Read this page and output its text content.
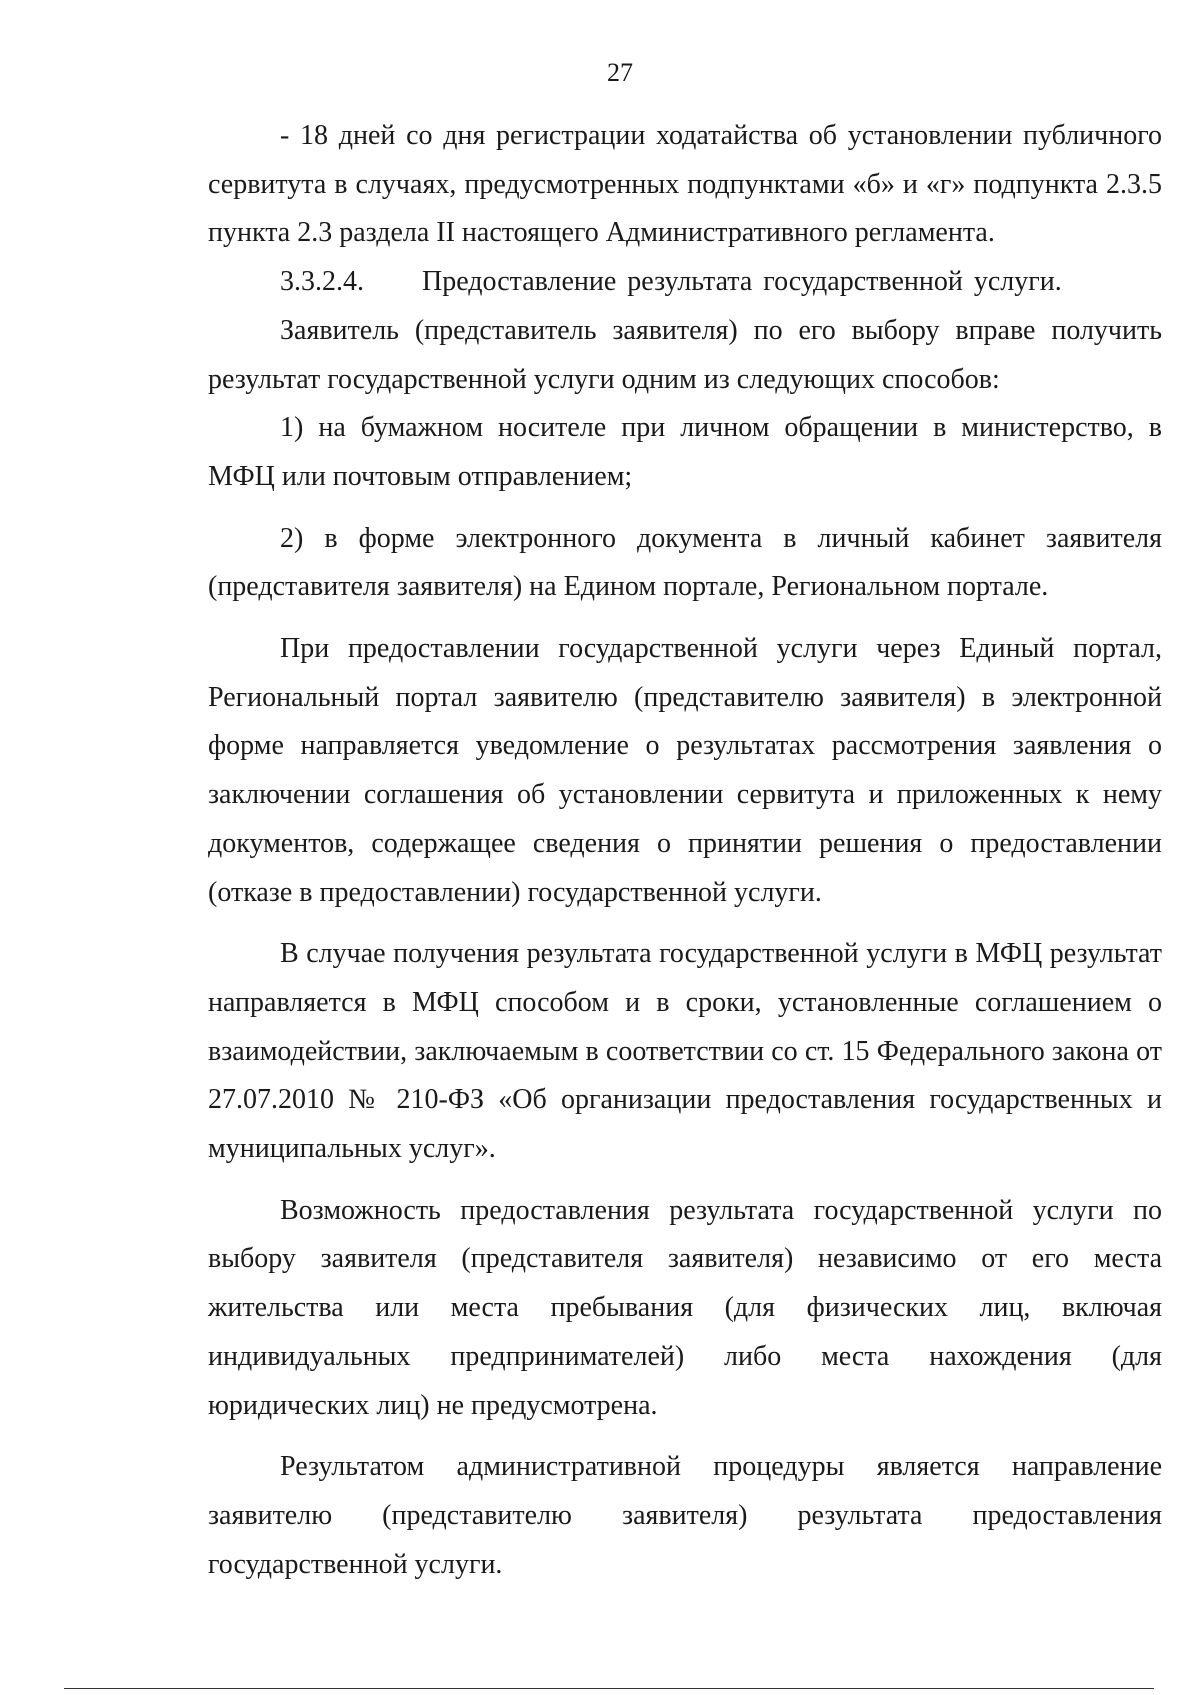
27

- 18 дней со дня регистрации ходатайства об установлении публичного сервитута в случаях, предусмотренных подпунктами «б» и «г» подпункта 2.3.5 пункта 2.3 раздела II настоящего Административного регламента.

3.3.2.4. Предоставление результата государственной услуги.

Заявитель (представитель заявителя) по его выбору вправе получить результат государственной услуги одним из следующих способов:

1) на бумажном носителе при личном обращении в министерство, в МФЦ или почтовым отправлением;

2) в форме электронного документа в личный кабинет заявителя (представителя заявителя) на Едином портале, Региональном портале.

При предоставлении государственной услуги через Единый портал, Региональный портал заявителю (представителю заявителя) в электронной форме направляется уведомление о результатах рассмотрения заявления о заключении соглашения об установлении сервитута и приложенных к нему документов, содержащее сведения о принятии решения о предоставлении (отказе в предоставлении) государственной услуги.

В случае получения результата государственной услуги в МФЦ результат направляется в МФЦ способом и в сроки, установленные соглашением о взаимодействии, заключаемым в соответствии со ст. 15 Федерального закона от 27.07.2010 № 210-ФЗ «Об организации предоставления государственных и муниципальных услуг».

Возможность предоставления результата государственной услуги по выбору заявителя (представителя заявителя) независимо от его места жительства или места пребывания (для физических лиц, включая индивидуальных предпринимателей) либо места нахождения (для юридических лиц) не предусмотрена.

Результатом административной процедуры является направление заявителю (представителю заявителя) результата предоставления государственной услуги.
